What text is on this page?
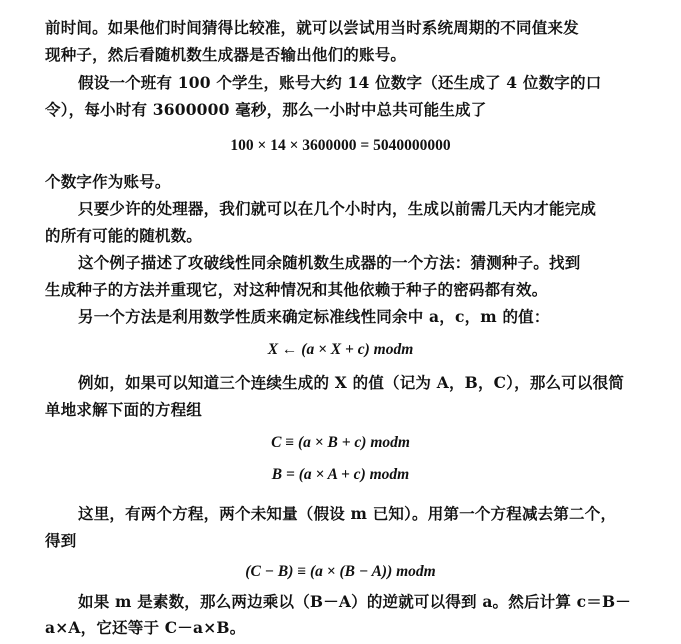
前时间。如果他们时间猜得比较准，就可以尝试用当时系统周期的不同值来发
现种子，然后看随机数生成器是否输出他们的账号。
假设一个班有 100 个学生，账号大约 14 位数字（还生成了 4 位数字的口
令），每小时有 3600000 毫秒，那么一小时中总共可能生成了
100 × 14 × 3600000 = 5040000000
个数字作为账号。
只要少许的处理器，我们就可以在几个小时内，生成以前需几天内才能完成
的所有可能的随机数。
这个例子描述了攻破线性同余随机数生成器的一个方法：猜测种子。找到
生成种子的方法并重现它，对这种情况和其他依赖于种子的密码都有效。
另一个方法是利用数学性质来确定标准线性同余中 a，c，m 的值：
X ← (a × X + c) modm
例如，如果可以知道三个连续生成的 X 的值（记为 A，B，C），那么可以很简
单地求解下面的方程组
C ≡ (a × B + c) modm
B = (a × A + c) modm
这里，有两个方程，两个未知量（假设 m 已知）。用第一个方程减去第二个，
得到
(C − B) ≡ (a × (B − A)) modm
如果 m 是素数，那么两边乘以（B－A）的逆就可以得到 a。然后计算 c＝B－
a×A，它还等于 C－a×B。
